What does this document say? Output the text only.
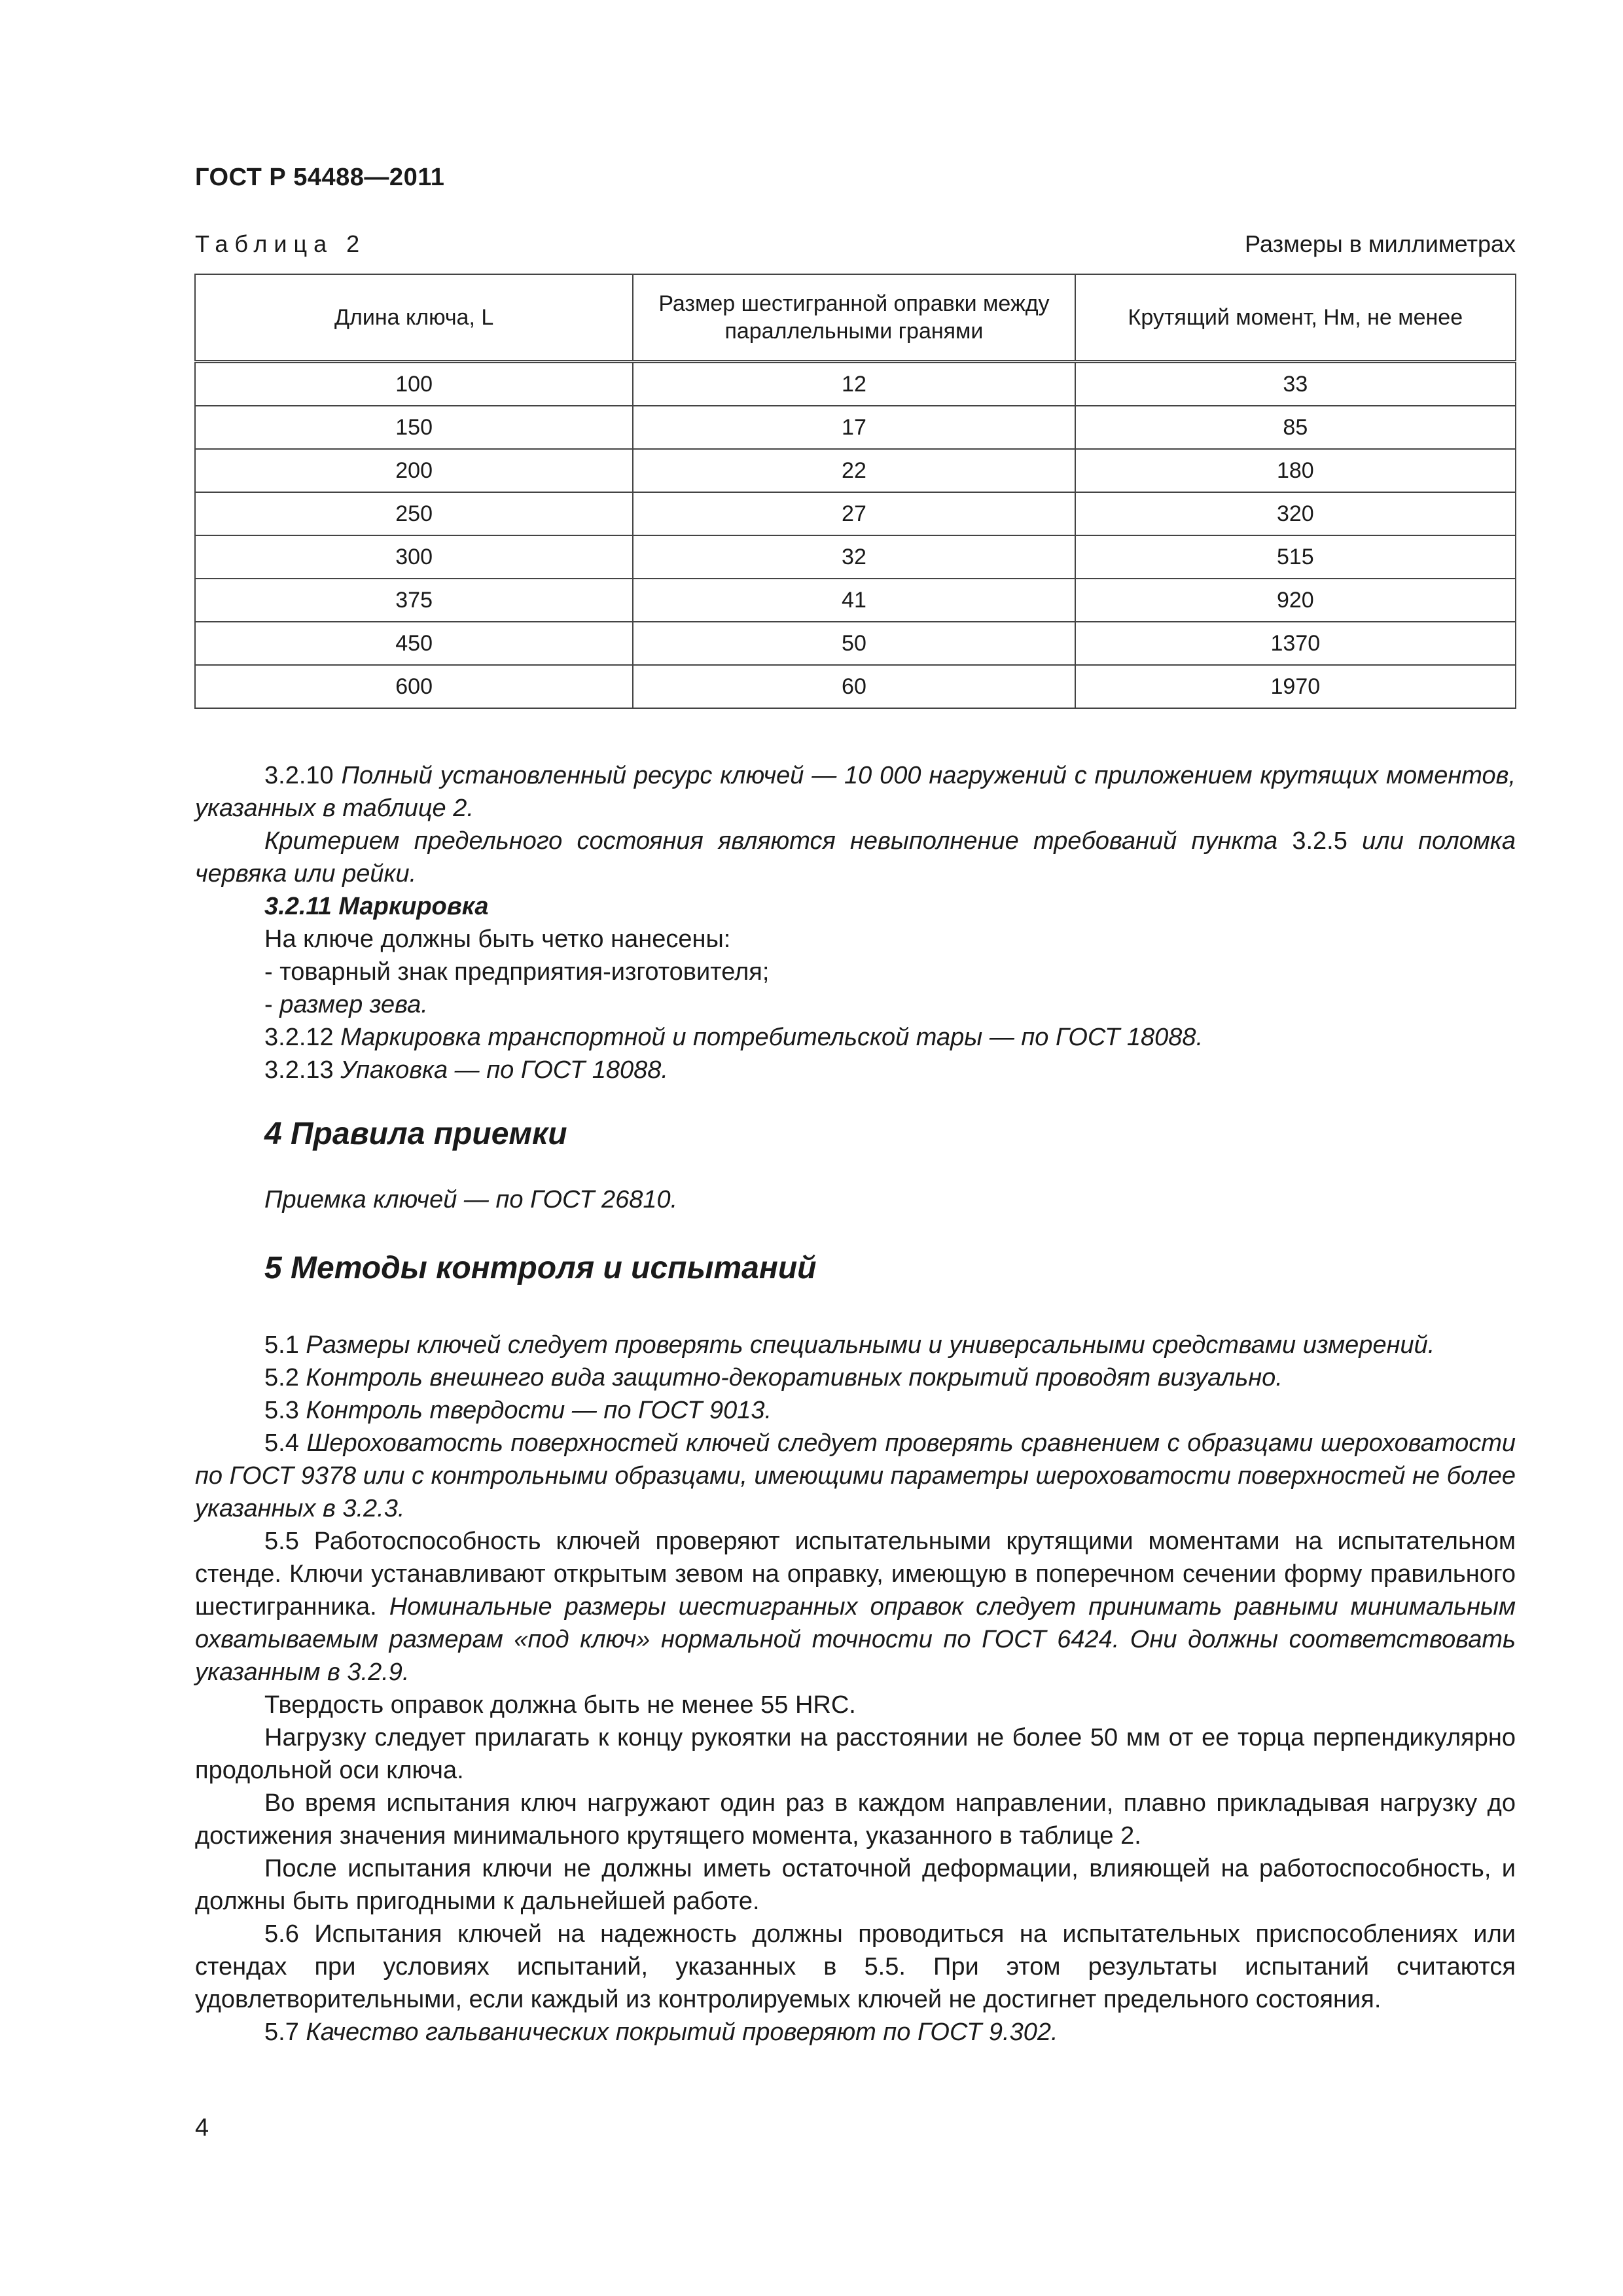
ГОСТ Р 54488—2011
Таблица 2	Размеры в миллиметрах
Длина ключа, L	Размер шестигранной оправки между параллельными гранями	Крутящий момент, Нм, не менее
100	12	33
150	17	85
200	22	180
250	27	320
300	32	515
375	41	920
450	50	1370
600	60	1970

3.2.10 Полный установленный ресурс ключей — 10 000 нагружений с приложением крутящих моментов, указанных в таблице 2.

Критерием предельного состояния являются невыполнение требований пункта 3.2.5 или поломка червяка или рейки.

3.2.11 Маркировка

На ключе должны быть четко нанесены:

- товарный знак предприятия-изготовителя;

- размер зева.

3.2.12 Маркировка транспортной и потребительской тары — по ГОСТ 18088.

3.2.13 Упаковка — по ГОСТ 18088.

4 Правила приемки

Приемка ключей — по ГОСТ 26810.

5 Методы контроля и испытаний

5.1 Размеры ключей следует проверять специальными и универсальными средствами измерений.

5.2 Контроль внешнего вида защитно-декоративных покрытий проводят визуально.

5.3 Контроль твердости — по ГОСТ 9013.

5.4 Шероховатость поверхностей ключей следует проверять сравнением с образцами шероховатости по ГОСТ 9378 или с контрольными образцами, имеющими параметры шероховатости поверхностей не более указанных в 3.2.3.

5.5 Работоспособность ключей проверяют испытательными крутящими моментами на испытательном стенде. Ключи устанавливают открытым зевом на оправку, имеющую в поперечном сечении форму правильного шестигранника. Номинальные размеры шестигранных оправок следует принимать равными минимальным охватываемым размерам «под ключ» нормальной точности по ГОСТ 6424. Они должны соответствовать указанным в 3.2.9.

Твердость оправок должна быть не менее 55 HRC.

Нагрузку следует прилагать к концу рукоятки на расстоянии не более 50 мм от ее торца перпендикулярно продольной оси ключа.

Во время испытания ключ нагружают один раз в каждом направлении, плавно прикладывая нагрузку до достижения значения минимального крутящего момента, указанного в таблице 2.

После испытания ключи не должны иметь остаточной деформации, влияющей на работоспособность, и должны быть пригодными к дальнейшей работе.

5.6 Испытания ключей на надежность должны проводиться на испытательных приспособлениях или стендах при условиях испытаний, указанных в 5.5. При этом результаты испытаний считаются удовлетворительными, если каждый из контролируемых ключей не достигнет предельного состояния.

5.7 Качество гальванических покрытий проверяют по ГОСТ 9.302.

4
